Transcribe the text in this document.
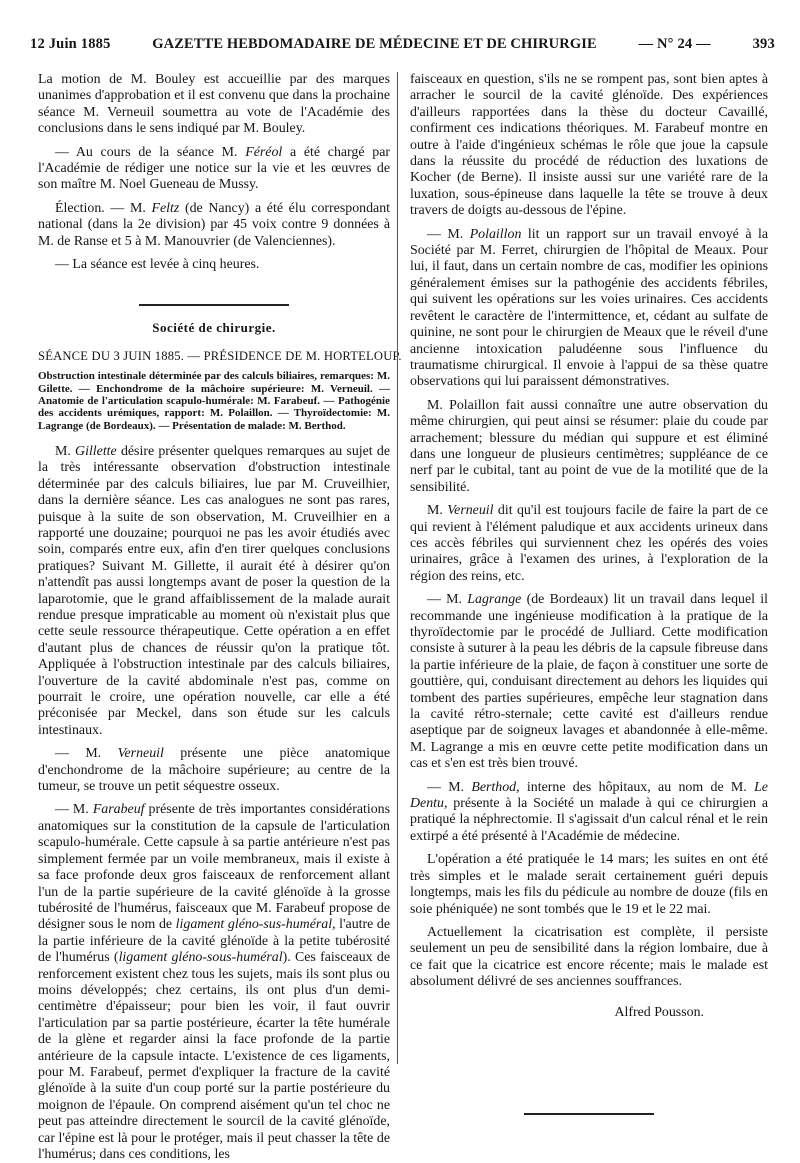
12 Juin 1885	GAZETTE HEBDOMADAIRE DE MÉDECINE ET DE CHIRURGIE	— N° 24 —	393

La motion de M. Bouley est accueillie par des marques unanimes d'approbation et il est convenu que dans la prochaine séance M. Verneuil soumettra au vote de l'Académie des conclusions dans le sens indiqué par M. Bouley.

— Au cours de la séance M. Féréol a été chargé par l'Académie de rédiger une notice sur la vie et les œuvres de son maître M. Noel Gueneau de Mussy.

Élection. — M. Feltz (de Nancy) a été élu correspondant national (dans la 2e division) par 45 voix contre 9 données à M. de Ranse et 5 à M. Manouvrier (de Valenciennes).

— La séance est levée à cinq heures.

Société de chirurgie.
SÉANCE DU 3 JUIN 1885. — PRÉSIDENCE DE M. HORTELOUP.
Obstruction intestinale déterminée par des calculs biliaires, remarques: M. Gilette. — Enchondrome de la mâchoire supérieure: M. Verneuil. — Anatomie de l'articulation scapulo-humérale: M. Farabeuf. — Pathogénie des accidents urémiques, rapport: M. Polaillon. — Thyroïdectomie: M. Lagrange (de Bordeaux). — Présentation de malade: M. Berthod.

M. Gillette désire présenter quelques remarques au sujet de la très intéressante observation d'obstruction intestinale déterminée par des calculs biliaires, lue par M. Cruveilhier, dans la dernière séance. Les cas analogues ne sont pas rares, puisque à la suite de son observation, M. Cruveilhier en a rapporté une douzaine; pourquoi ne pas les avoir étudiés avec soin, comparés entre eux, afin d'en tirer quelques conclusions pratiques? Suivant M. Gillette, il aurait été à désirer qu'on n'attendît pas aussi longtemps avant de poser la question de la laparotomie, que le grand affaiblissement de la malade aurait rendue presque impraticable au moment où n'existait plus que cette seule ressource thérapeutique. Cette opération a en effet d'autant plus de chances de réussir qu'on la pratique tôt. Appliquée à l'obstruction intestinale par des calculs biliaires, l'ouverture de la cavité abdominale n'est pas, comme on pourrait le croire, une opération nouvelle, car elle a été préconisée par Meckel, dans son étude sur les calculs intestinaux.

— M. Verneuil présente une pièce anatomique d'enchondrome de la mâchoire supérieure; au centre de la tumeur, se trouve un petit séquestre osseux.

— M. Farabeuf présente de très importantes considérations anatomiques sur la constitution de la capsule de l'articulation scapulo-humérale. Cette capsule à sa partie antérieure n'est pas simplement fermée par un voile membraneux, mais il existe à sa face profonde deux gros faisceaux de renforcement allant l'un de la partie supérieure de la cavité glénoïde à la grosse tubérosité de l'humérus, faisceaux que M. Farabeuf propose de désigner sous le nom de ligament gléno-sus-huméral, l'autre de la partie inférieure de la cavité glénoïde à la petite tubérosité de l'humérus (ligament gléno-sous-huméral). Ces faisceaux de renforcement existent chez tous les sujets, mais ils sont plus ou moins développés; chez certains, ils ont plus d'un demi-centimètre d'épaisseur; pour bien les voir, il faut ouvrir l'articulation par sa partie postérieure, écarter la tête humérale de la glène et regarder ainsi la face profonde de la partie antérieure de la capsule intacte. L'existence de ces ligaments, pour M. Farabeuf, permet d'expliquer la fracture de la cavité glénoïde à la suite d'un coup porté sur la partie postérieure du moignon de l'épaule. On comprend aisément qu'un tel choc ne peut pas atteindre directement le sourcil de la cavité glénoïde, car l'épine est là pour le protéger, mais il peut chasser la tête de l'humérus; dans ces conditions, les

faisceaux en question, s'ils ne se rompent pas, sont bien aptes à arracher le sourcil de la cavité glénoïde. Des expériences d'ailleurs rapportées dans la thèse du docteur Cavaillé, confirment ces indications théoriques. M. Farabeuf montre en outre à l'aide d'ingénieux schémas le rôle que joue la capsule dans la réussite du procédé de réduction des luxations de Kocher (de Berne). Il insiste aussi sur une variété rare de la luxation, sous-épineuse dans laquelle la tête se trouve à deux travers de doigts au-dessous de l'épine.

— M. Polaillon lit un rapport sur un travail envoyé à la Société par M. Ferret, chirurgien de l'hôpital de Meaux. Pour lui, il faut, dans un certain nombre de cas, modifier les opinions généralement émises sur la pathogénie des accidents fébriles, qui suivent les opérations sur les voies urinaires. Ces accidents revêtent le caractère de l'intermittence, et, cédant au sulfate de quinine, ne sont pour le chirurgien de Meaux que le réveil d'une ancienne intoxication paludéenne sous l'influence du traumatisme chirurgical. Il envoie à l'appui de sa thèse quatre observations qui lui paraissent démonstratives.

M. Polaillon fait aussi connaître une autre observation du même chirurgien, qui peut ainsi se résumer: plaie du coude par arrachement; blessure du médian qui suppure et est éliminé dans une longueur de plusieurs centimètres; suppléance de ce nerf par le cubital, tant au point de vue de la motilité que de la sensibilité.

M. Verneuil dit qu'il est toujours facile de faire la part de ce qui revient à l'élément paludique et aux accidents urineux dans ces accès fébriles qui surviennent chez les opérés des voies urinaires, grâce à l'examen des urines, à l'exploration de la région des reins, etc.

— M. Lagrange (de Bordeaux) lit un travail dans lequel il recommande une ingénieuse modification à la pratique de la thyroïdectomie par le procédé de Julliard. Cette modification consiste à suturer à la peau les débris de la capsule fibreuse dans la partie inférieure de la plaie, de façon à constituer une sorte de gouttière, qui, conduisant directement au dehors les liquides qui tombent des parties supérieures, empêche leur stagnation dans la cavité rétro-sternale; cette cavité est d'ailleurs rendue aseptique par de soigneux lavages et abandonnée à elle-même. M. Lagrange a mis en œuvre cette petite modification dans un cas et s'en est très bien trouvé.

— M. Berthod, interne des hôpitaux, au nom de M. Le Dentu, présente à la Société un malade à qui ce chirurgien a pratiqué la néphrectomie. Il s'agissait d'un calcul rénal et le rein extirpé a été présenté à l'Académie de médecine.

L'opération a été pratiquée le 14 mars; les suites en ont été très simples et le malade serait certainement guéri depuis longtemps, mais les fils du pédicule au nombre de douze (fils en soie phéniquée) ne sont tombés que le 19 et le 22 mai.

Actuellement la cicatrisation est complète, il persiste seulement un peu de sensibilité dans la région lombaire, due à ce fait que la cicatrice est encore récente; mais le malade est absolument délivré de ses anciennes souffrances.

Alfred Pousson.
